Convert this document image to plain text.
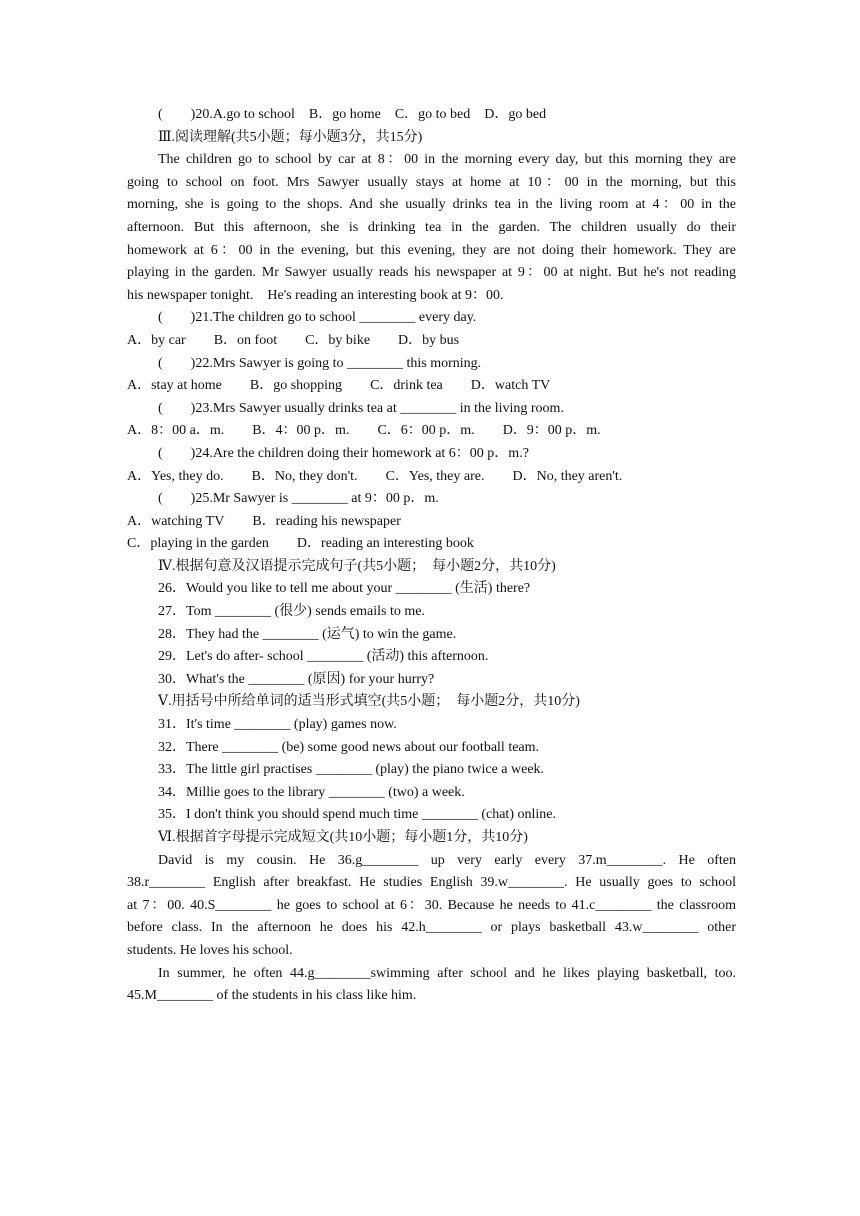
(　　)20.A.go to school　B．go home　C．go to bed　D．go bed
Ⅲ.阅读理解(共5小题；每小题3分，共15分)
The children go to school by car at 8：00 in the morning every day, but this morning they are
going to school on foot. Mrs Sawyer usually stays at home at 10：00 in the morning, but this
morning, she is going to the shops. And she usually drinks tea in the living room at 4：00 in the
afternoon. But this afternoon, she is drinking tea in the garden. The children usually do their
homework at 6：00 in the evening, but this evening, they are not doing their homework. They are
playing in the garden. Mr Sawyer usually reads his newspaper at 9：00 at night. But he's not reading
his newspaper tonight.　He's reading an interesting book at 9：00.
(　　)21.The children go to school ________ every day.
A．by car B．on foot C．by bike D．by bus
(　　)22.Mrs Sawyer is going to ________ this morning.
A．stay at home B．go shopping C．drink tea D．watch TV
(　　)23.Mrs Sawyer usually drinks tea at ________ in the living room.
A．8：00 a．m. B．4：00 p．m. C．6：00 p．m. D．9：00 p．m.
(　　)24.Are the children doing their homework at 6：00 p．m.?
A．Yes, they do. B．No, they don't. C．Yes, they are. D．No, they aren't.
(　　)25.Mr Sawyer is ________ at 9：00 p．m.
A．watching TV B．reading his newspaper
C．playing in the garden D．reading an interesting book
Ⅳ.根据句意及汉语提示完成句子(共5小题；　每小题2分，共10分)
26．Would you like to tell me about your ________ (生活) there?
27．Tom ________ (很少) sends emails to me.
28．They had the ________ (运气) to win the game.
29．Let's do after- school ________ (活动) this afternoon.
30．What's the ________ (原因) for your hurry?
Ⅴ.用括号中所给单词的适当形式填空(共5小题；　每小题2分，共10分)
31．It's time ________ (play) games now.
32．There ________ (be) some good news about our football team.
33．The little girl practises ________ (play) the piano twice a week.
34．Millie goes to the library ________ (two) a week.
35．I don't think you should spend much time ________ (chat) online.
Ⅵ.根据首字母提示完成短文(共10小题；每小题1分，共10分)
David is my cousin. He 36.g________ up very early every 37.m________. He often
38.r________ English after breakfast. He studies English 39.w________. He usually goes to school
at 7：00. 40.S________ he goes to school at 6：30. Because he needs to 41.c________ the classroom
before class. In the afternoon he does his 42.h________ or plays basketball 43.w________ other
students. He loves his school.
In summer, he often 44.g________swimming after school and he likes playing basketball, too.
45.M________ of the students in his class like him.
